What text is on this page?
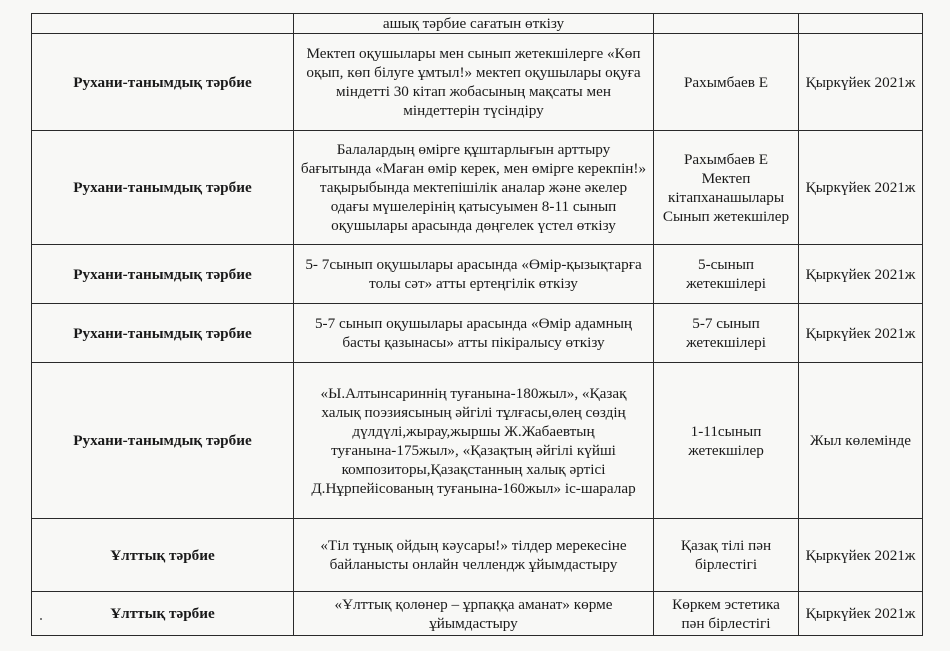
	ашық тәрбие сағатын өткізу		
Рухани-танымдық тәрбие	Мектеп оқушылары мен сынып жетекшілерге «Көп оқып, көп білуге ұмтыл!» мектеп оқушылары оқуға міндетті 30 кітап жобасының мақсаты мен міндеттерін түсіндіру	Рахымбаев Е	Қыркүйек 2021ж
Рухани-танымдық тәрбие	Балалардың өмірге құштарлығын арттыру бағытында «Маған өмір керек, мен өмірге керекпін!» тақырыбында мектепішілік аналар және әкелер одағы мүшелерінің қатысуымен 8-11 сынып оқушылары арасында дөңгелек үстел өткізу	Рахымбаев Е Мектеп кітапханашылары Сынып жетекшілер	Қыркүйек 2021ж
Рухани-танымдық тәрбие	5- 7сынып оқушылары арасында «Өмір-қызықтарға толы сәт» атты ертеңгілік өткізу	5-сынып жетекшілері	Қыркүйек 2021ж
Рухани-танымдық тәрбие	5-7 сынып оқушылары арасында «Өмір адамның басты қазынасы» атты пікіралысу өткізу	5-7 сынып жетекшілері	Қыркүйек 2021ж
Рухани-танымдық тәрбие	«Ы.Алтынсариннің туғанына-180жыл», «Қазақ халық поэзиясының әйгілі тұлғасы,өлең сөздің дүлдүлі,жырау,жыршы Ж.Жабаевтың туғанына-175жыл», «Қазақтың әйгілі күйші композиторы,Қазақстанның халық әртісі Д.Нұрпейісованың туғанына-160жыл» іс-шаралар	1-11сынып жетекшілер	Жыл көлемінде
Ұлттық тәрбие	«Тіл тұнық ойдың кәусары!» тілдер мерекесіне байланысты онлайн челлендж ұйымдастыру	Қазақ тілі пән бірлестігі	Қыркүйек 2021ж
Ұлттық тәрбие	«Ұлттық қолөнер – ұрпаққа аманат» көрме ұйымдастыру	Көркем эстетика пән бірлестігі	Қыркүйек 2021ж
